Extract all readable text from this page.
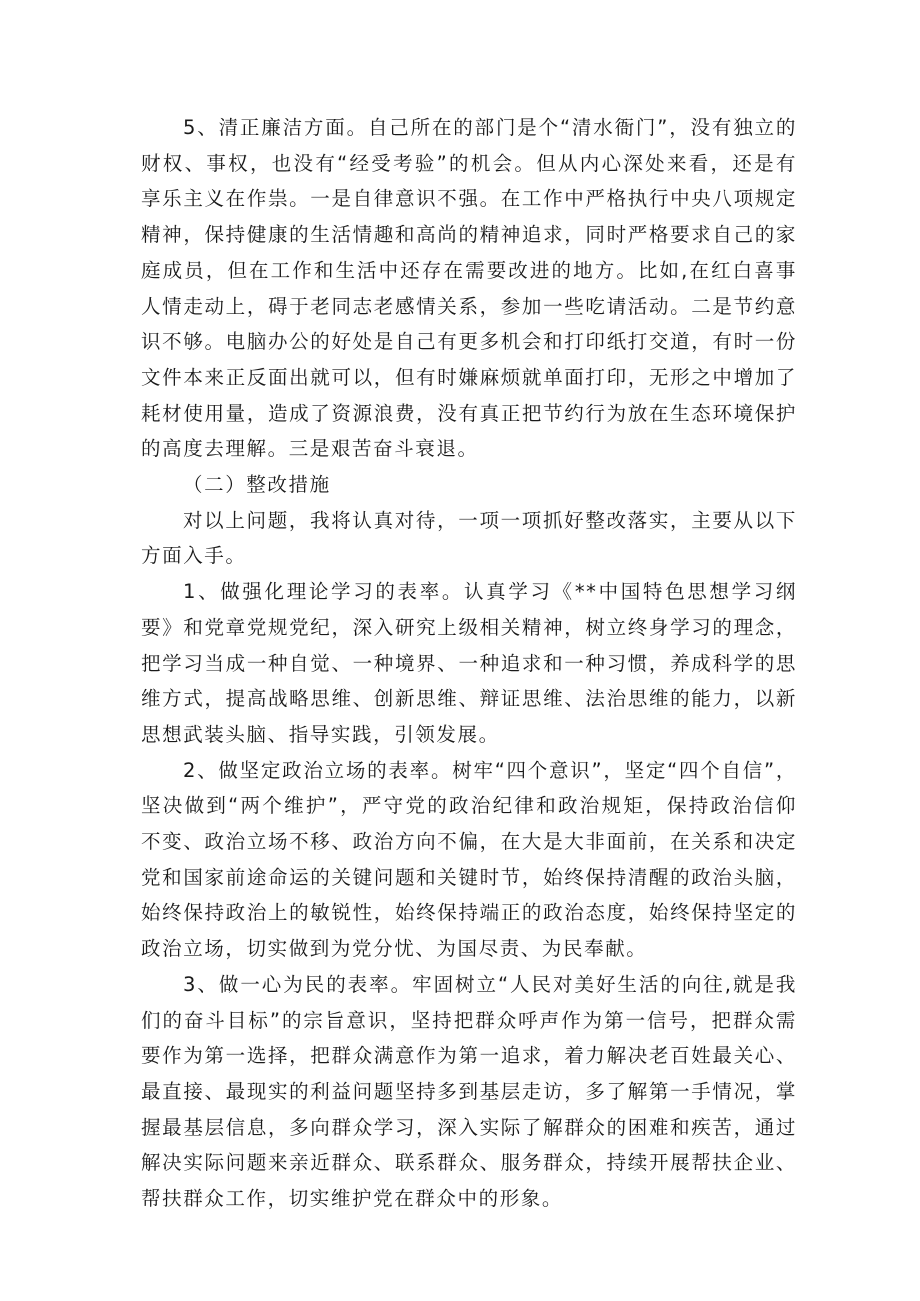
5、清正廉洁方面。自己所在的部门是个“清水衙门”，没有独立的财权、事权，也没有“经受考验”的机会。但从内心深处来看，还是有享乐主义在作祟。一是自律意识不强。在工作中严格执行中央八项规定精神，保持健康的生活情趣和高尚的精神追求，同时严格要求自己的家庭成员，但在工作和生活中还存在需要改进的地方。比如,在红白喜事人情走动上，碍于老同志老感情关系，参加一些吃请活动。二是节约意识不够。电脑办公的好处是自己有更多机会和打印纸打交道，有时一份文件本来正反面出就可以，但有时嫌麻烦就单面打印，无形之中增加了耗材使用量，造成了资源浪费，没有真正把节约行为放在生态环境保护的高度去理解。三是艰苦奋斗衰退。

（二）整改措施

对以上问题，我将认真对待，一项一项抓好整改落实，主要从以下方面入手。

1、做强化理论学习的表率。认真学习《**中国特色思想学习纲要》和党章党规党纪，深入研究上级相关精神，树立终身学习的理念，把学习当成一种自觉、一种境界、一种追求和一种习惯，养成科学的思维方式，提高战略思维、创新思维、辩证思维、法治思维的能力，以新思想武装头脑、指导实践，引领发展。

2、做坚定政治立场的表率。树牢“四个意识”，坚定“四个自信”，坚决做到“两个维护”，严守党的政治纪律和政治规矩，保持政治信仰不变、政治立场不移、政治方向不偏，在大是大非面前，在关系和决定党和国家前途命运的关键问题和关键时节，始终保持清醒的政治头脑，始终保持政治上的敏锐性，始终保持端正的政治态度，始终保持坚定的政治立场，切实做到为党分忧、为国尽责、为民奉献。

3、做一心为民的表率。牢固树立“人民对美好生活的向往,就是我们的奋斗目标”的宗旨意识，坚持把群众呼声作为第一信号，把群众需要作为第一选择，把群众满意作为第一追求，着力解决老百姓最关心、最直接、最现实的利益问题坚持多到基层走访，多了解第一手情况，掌握最基层信息，多向群众学习，深入实际了解群众的困难和疾苦，通过解决实际问题来亲近群众、联系群众、服务群众，持续开展帮扶企业、帮扶群众工作，切实维护党在群众中的形象。
